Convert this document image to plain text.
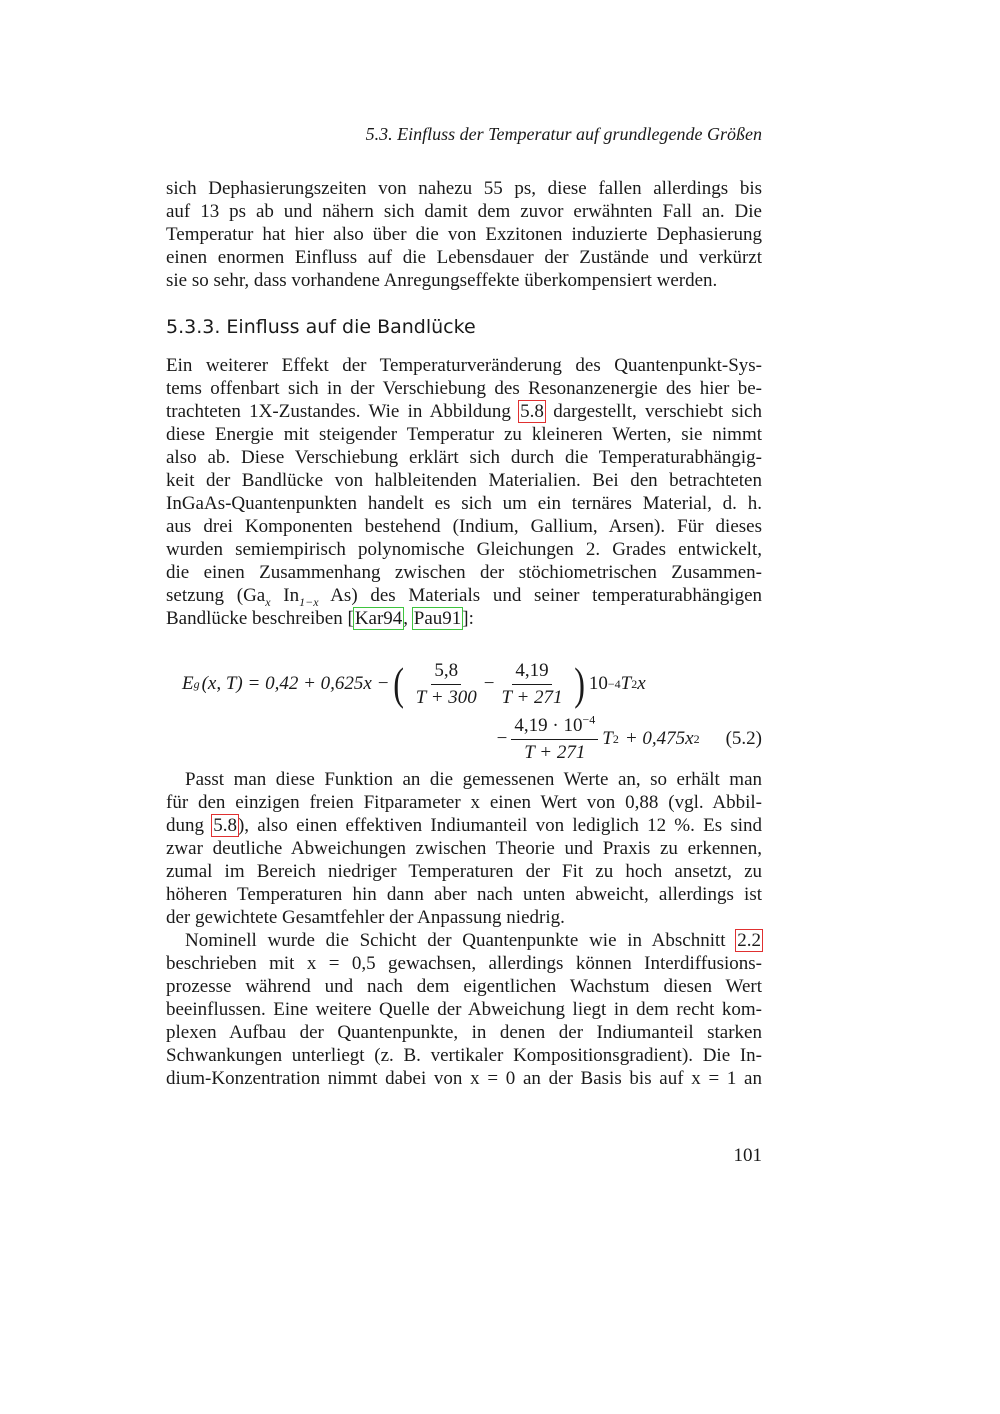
5.3. Einfluss der Temperatur auf grundlegende Größen
sich Dephasierungszeiten von nahezu 55 ps, diese fallen allerdings bis
auf 13 ps ab und nähern sich damit dem zuvor erwähnten Fall an. Die
Temperatur hat hier also über die von Exzitonen induzierte Dephasierung
einen enormen Einfluss auf die Lebensdauer der Zustände und verkürzt
sie so sehr, dass vorhandene Anregungseffekte überkompensiert werden.
5.3.3. Einfluss auf die Bandlücke
Ein weiterer Effekt der Temperaturveränderung des Quantenpunkt-Sys-
tems offenbart sich in der Verschiebung des Resonanzenergie des hier be-
trachteten 1X-Zustandes. Wie in Abbildung 5.8 dargestellt, verschiebt sich
diese Energie mit steigender Temperatur zu kleineren Werten, sie nimmt
also ab. Diese Verschiebung erklärt sich durch die Temperaturabhängig-
keit der Bandlücke von halbleitenden Materialien. Bei den betrachteten
InGaAs-Quantenpunkten handelt es sich um ein ternäres Material, d. h.
aus drei Komponenten bestehend (Indium, Gallium, Arsen). Für dieses
wurden semiempirisch polynomische Gleichungen 2. Grades entwickelt,
die einen Zusammenhang zwischen der stöchiometrischen Zusammen-
setzung ($Ga_x$ $In_{1-x}$ As) des Materials und seiner temperaturabhängigen
Bandlücke beschreiben [Kar94, Pau91]:
E g (x, T) = 0,42 + 0,625x − ( $\frac{5,8}{T + 300} - \frac{4,19}{T + 271}$ ) 10 −4 T 2 x
− $\frac{4,19 \cdot 10^{-4}}{T + 271}$ T 2 + 0,475x 2 (5.2)
Passt man diese Funktion an die gemessenen Werte an, so erhält man
für den einzigen freien Fitparameter x einen Wert von 0,88 (vgl. Abbil-
dung 5.8), also einen effektiven Indiumanteil von lediglich 12 %. Es sind
zwar deutliche Abweichungen zwischen Theorie und Praxis zu erkennen,
zumal im Bereich niedriger Temperaturen der Fit zu hoch ansetzt, zu
höheren Temperaturen hin dann aber nach unten abweicht, allerdings ist
der gewichtete Gesamtfehler der Anpassung niedrig.
Nominell wurde die Schicht der Quantenpunkte wie in Abschnitt 2.2
beschrieben mit x = 0,5 gewachsen, allerdings können Interdiffusions-
prozesse während und nach dem eigentlichen Wachstum diesen Wert
beeinflussen. Eine weitere Quelle der Abweichung liegt in dem recht kom-
plexen Aufbau der Quantenpunkte, in denen der Indiumanteil starken
Schwankungen unterliegt (z. B. vertikaler Kompositionsgradient). Die In-
dium-Konzentration nimmt dabei von x = 0 an der Basis bis auf x = 1 an
101
